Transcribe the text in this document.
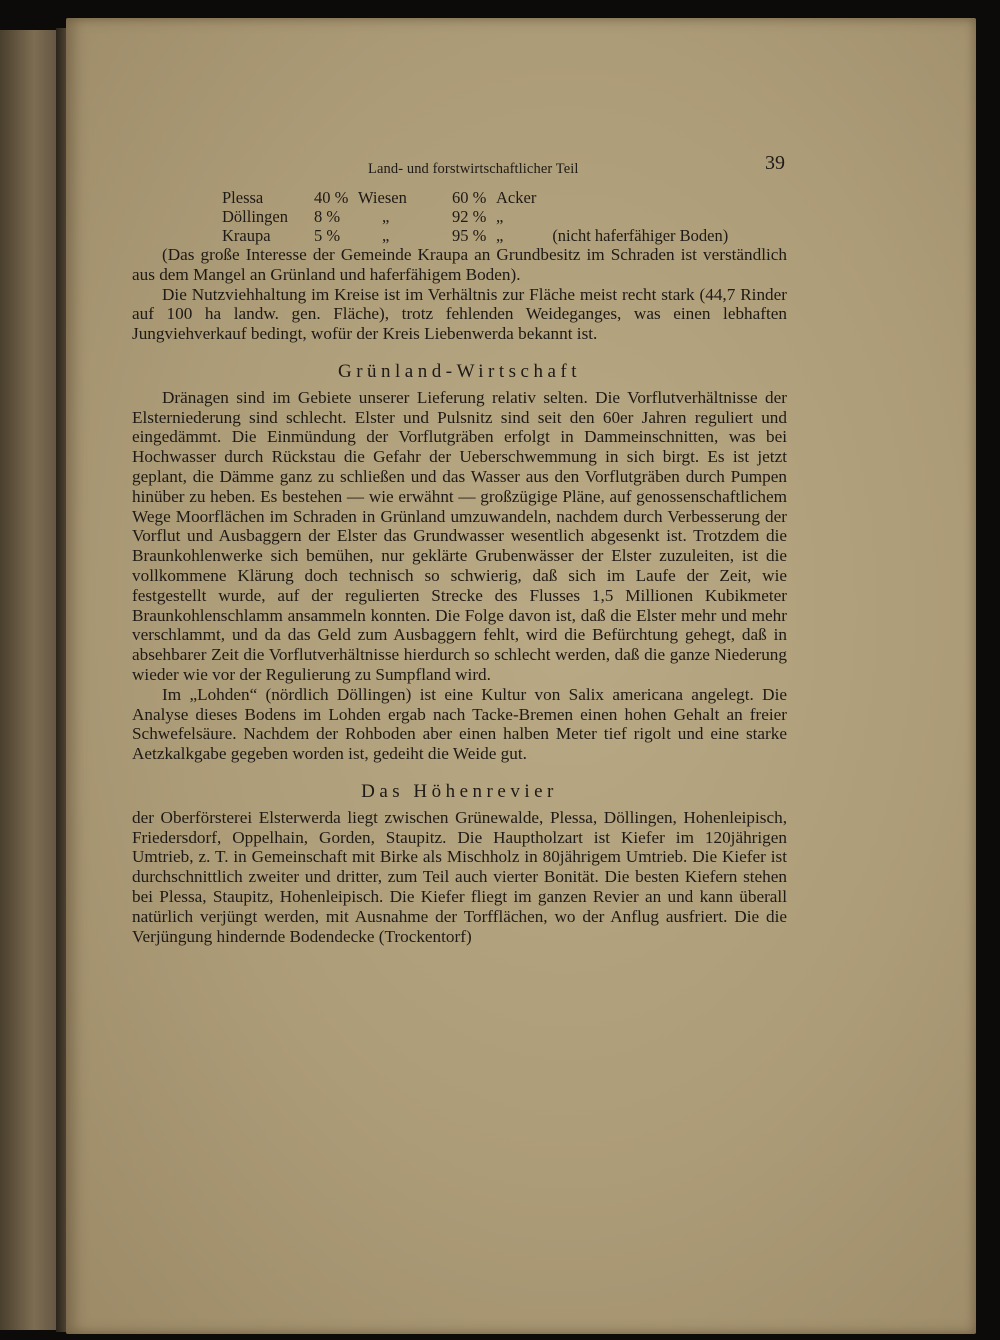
Land- und forstwirtschaftlicher Teil	39
Plessa	40 %	Wiesen	60 %	Acker	
Döllingen	8 %	„	92 %	„	
Kraupa	5 %	„	95 %	„	(nicht haferfähiger Boden)

(Das große Interesse der Gemeinde Kraupa an Grundbesitz im Schraden ist verständlich aus dem Mangel an Grünland und haferfähigem Boden).

Die Nutzviehhaltung im Kreise ist im Verhältnis zur Fläche meist recht stark (44,7 Rinder auf 100 ha landw. gen. Fläche), trotz fehlenden Weideganges, was einen lebhaften Jungviehverkauf bedingt, wofür der Kreis Liebenwerda bekannt ist.

Grünland-Wirtschaft

Dränagen sind im Gebiete unserer Lieferung relativ selten. Die Vorflutverhältnisse der Elsterniederung sind schlecht. Elster und Pulsnitz sind seit den 60er Jahren reguliert und eingedämmt. Die Einmündung der Vorflutgräben erfolgt in Dammeinschnitten, was bei Hochwasser durch Rückstau die Gefahr der Ueberschwemmung in sich birgt. Es ist jetzt geplant, die Dämme ganz zu schließen und das Wasser aus den Vorflutgräben durch Pumpen hinüber zu heben. Es bestehen — wie erwähnt — großzügige Pläne, auf genossenschaftlichem Wege Moorflächen im Schraden in Grünland umzuwandeln, nachdem durch Verbesserung der Vorflut und Ausbaggern der Elster das Grundwasser wesentlich abgesenkt ist. Trotzdem die Braunkohlenwerke sich bemühen, nur geklärte Grubenwässer der Elster zuzuleiten, ist die vollkommene Klärung doch technisch so schwierig, daß sich im Laufe der Zeit, wie festgestellt wurde, auf der regulierten Strecke des Flusses 1,5 Millionen Kubikmeter Braunkohlenschlamm ansammeln konnten. Die Folge davon ist, daß die Elster mehr und mehr verschlammt, und da das Geld zum Ausbaggern fehlt, wird die Befürchtung gehegt, daß in absehbarer Zeit die Vorflutverhältnisse hierdurch so schlecht werden, daß die ganze Niederung wieder wie vor der Regulierung zu Sumpfland wird.

Im „Lohden“ (nördlich Döllingen) ist eine Kultur von Salix americana angelegt. Die Analyse dieses Bodens im Lohden ergab nach Tacke-Bremen einen hohen Gehalt an freier Schwefelsäure. Nachdem der Rohboden aber einen halben Meter tief rigolt und eine starke Aetzkalkgabe gegeben worden ist, gedeiht die Weide gut.

Das Höhenrevier

der Oberförsterei Elsterwerda liegt zwischen Grünewalde, Plessa, Döllingen, Hohenleipisch, Friedersdorf, Oppelhain, Gorden, Staupitz. Die Hauptholzart ist Kiefer im 120jährigen Umtrieb, z. T. in Gemeinschaft mit Birke als Mischholz in 80jährigem Umtrieb. Die Kiefer ist durchschnittlich zweiter und dritter, zum Teil auch vierter Bonität. Die besten Kiefern stehen bei Plessa, Staupitz, Hohenleipisch. Die Kiefer fliegt im ganzen Revier an und kann überall natürlich verjüngt werden, mit Ausnahme der Torfflächen, wo der Anflug ausfriert. Die die Verjüngung hindernde Bodendecke (Trockentorf)
